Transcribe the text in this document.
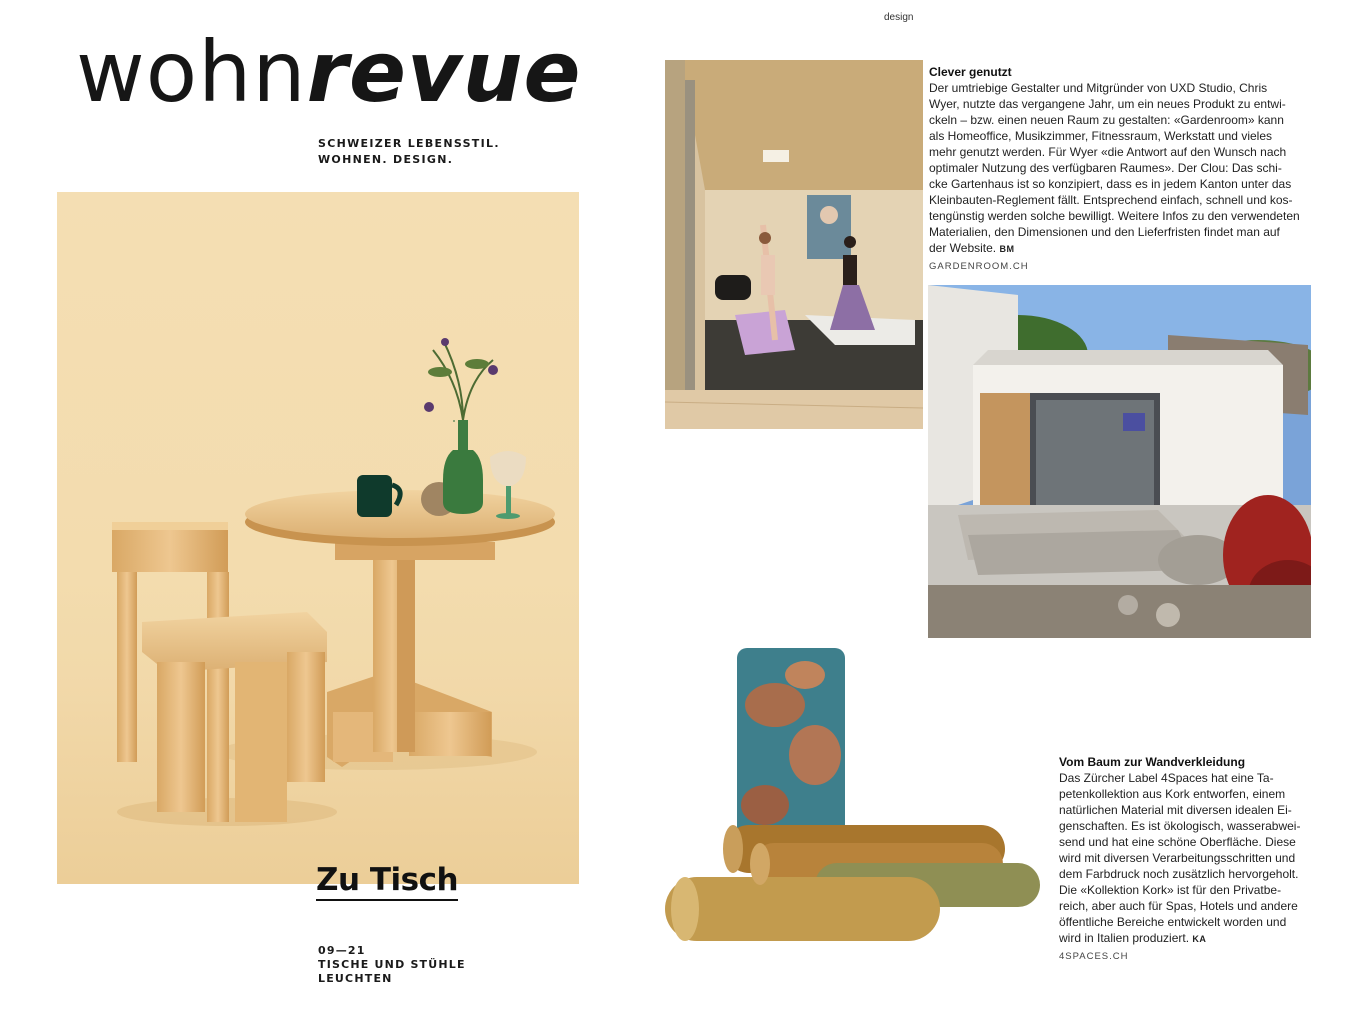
design
wohnrevue
SCHWEIZER LEBENSSTIL.
WOHNEN. DESIGN.
Zu Tisch
09—21
TISCHE UND STÜHLE
LEUCHTEN
Clever genutzt

Der umtriebige Gestalter und Mitgründer von UXD Studio, Chris
Wyer, nutzte das vergangene Jahr, um ein neues Produkt zu entwi-
ckeln – bzw. einen neuen Raum zu gestalten: «Gardenroom» kann
als Homeoffice, Musikzimmer, Fitnessraum, Werkstatt und vieles
mehr genutzt werden. Für Wyer «die Antwort auf den Wunsch nach
optimaler Nutzung des verfügbaren Raumes». Der Clou: Das schi-
cke Gartenhaus ist so konzipiert, dass es in jedem Kanton unter das
Kleinbauten-Reglement fällt. Entsprechend einfach, schnell und kos-
tengünstig werden solche bewilligt. Weitere Infos zu den verwendeten
Materialien, den Dimensionen und den Lieferfristen findet man auf
der Website. BM

GARDENROOM.CH
Vom Baum zur Wandverkleidung

Das Zürcher Label 4Spaces hat eine Ta-
petenkollektion aus Kork entworfen, einem
natürlichen Material mit diversen idealen Ei-
genschaften. Es ist ökologisch, wasserabwei-
send und hat eine schöne Oberfläche. Diese
wird mit diversen Verarbeitungsschritten und
dem Farbdruck noch zusätzlich hervorgeholt.
Die «Kollektion Kork» ist für den Privatbe-
reich, aber auch für Spas, Hotels und andere
öffentliche Bereiche entwickelt worden und
wird in Italien produziert. KA

4SPACES.CH
